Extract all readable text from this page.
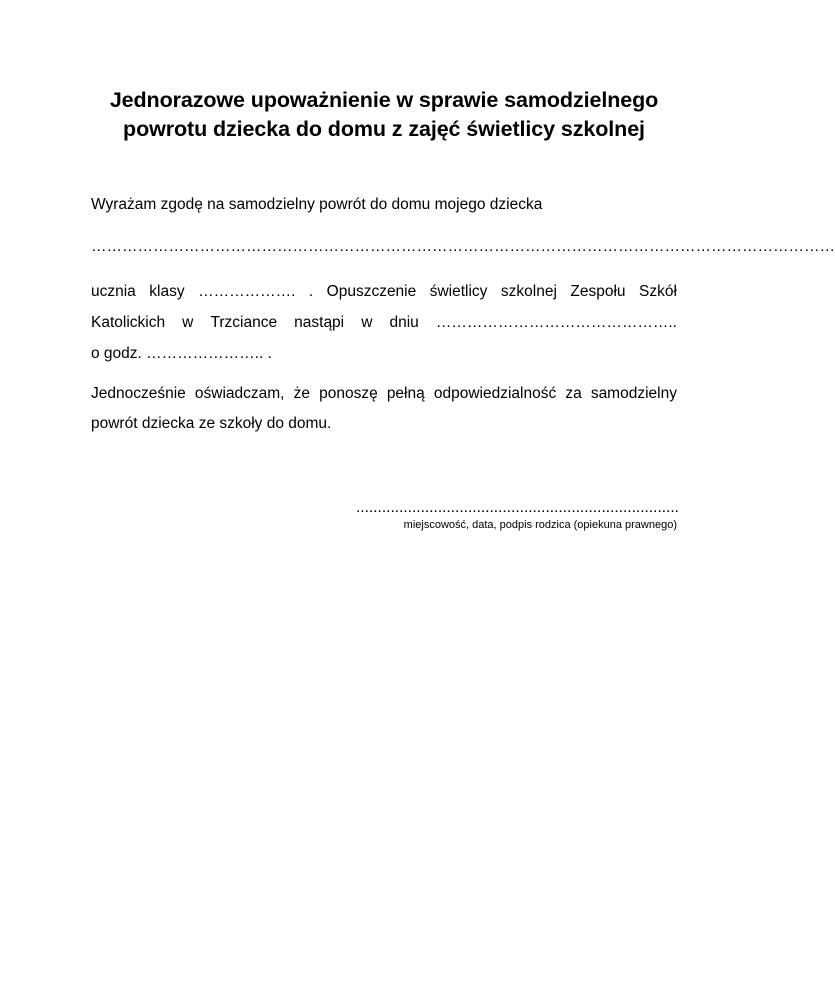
Jednorazowe upoważnienie w sprawie samodzielnego
powrotu dziecka do domu z zajęć świetlicy szkolnej
Wyrażam zgodę na samodzielny powrót do domu mojego dziecka
………………………………………………………………………………………………………………………………
ucznia klasy ………………. . Opuszczenie świetlicy szkolnej Zespołu Szkół
Katolickich w Trzciance nastąpi w dniu ………………………………………..
o godz. ………………….. .
Jednocześnie oświadczam, że ponoszę pełną odpowiedzialność za samodzielny
powrót dziecka ze szkoły do domu.
...........................................................................
miejscowość, data, podpis rodzica (opiekuna prawnego)
